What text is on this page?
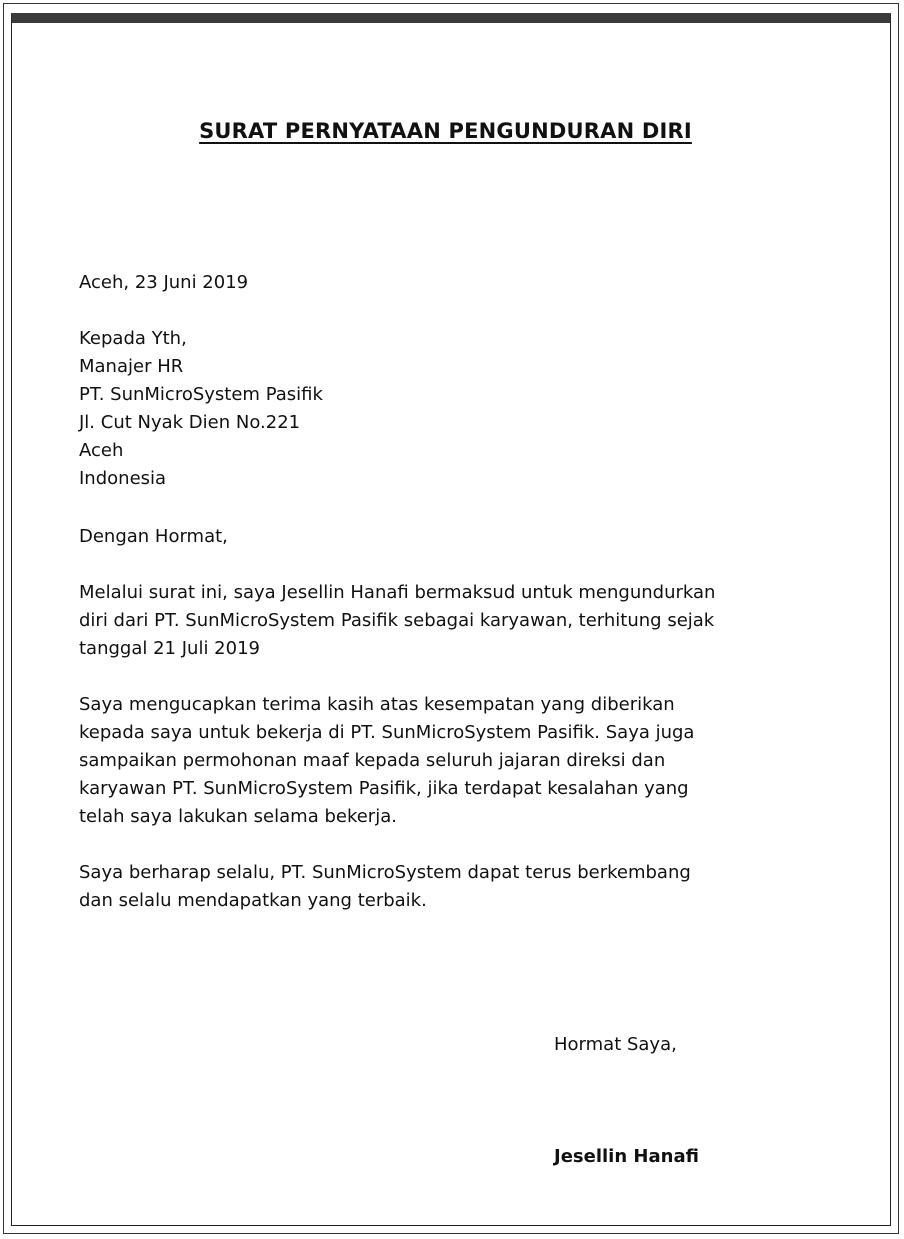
SURAT PERNYATAAN PENGUNDURAN DIRI

Aceh, 23 Juni 2019

Kepada Yth,

Manajer HR

PT. SunMicroSystem Pasifik

Jl. Cut Nyak Dien No.221

Aceh

Indonesia

Dengan Hormat,

Melalui surat ini, saya Jesellin Hanafi bermaksud untuk mengundurkan

diri dari PT. SunMicroSystem Pasifik sebagai karyawan, terhitung sejak

tanggal 21 Juli 2019

Saya mengucapkan terima kasih atas kesempatan yang diberikan

kepada saya untuk bekerja di PT. SunMicroSystem Pasifik. Saya juga

sampaikan permohonan maaf kepada seluruh jajaran direksi dan

karyawan PT. SunMicroSystem Pasifik, jika terdapat kesalahan yang

telah saya lakukan selama bekerja.

Saya berharap selalu, PT. SunMicroSystem dapat terus berkembang

dan selalu mendapatkan yang terbaik.

Hormat Saya,

Jesellin Hanafi
